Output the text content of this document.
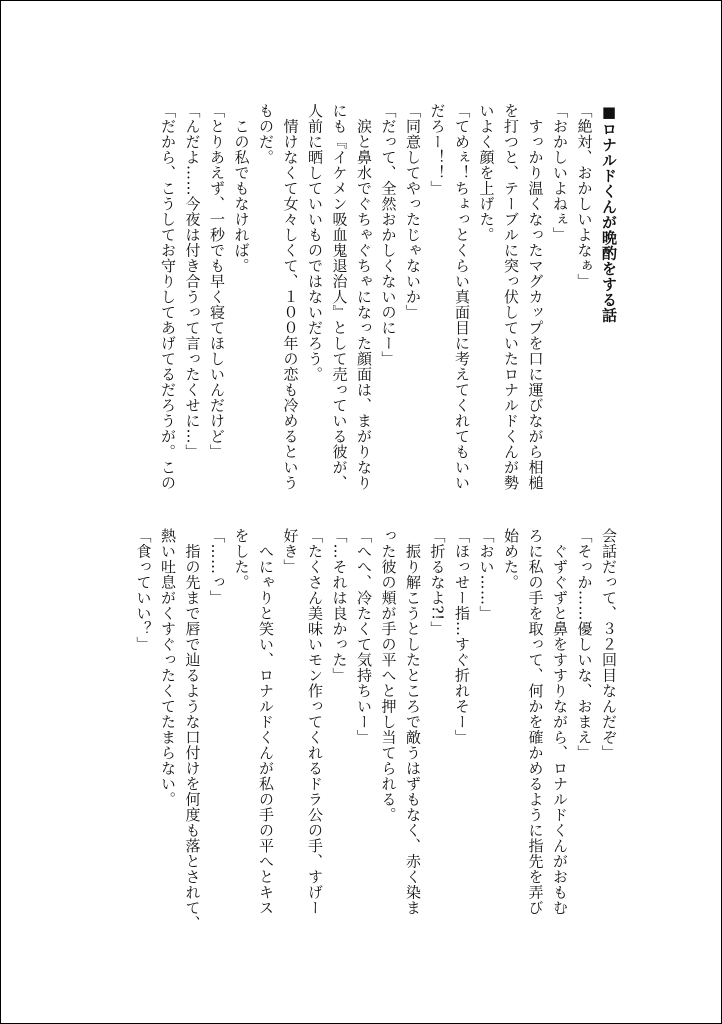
■ロナルドくんが晩酌をする話
「絶対、おかしいよなぁ」
「おかしいよねぇ」
　すっかり温くなったマグカップを口に運びながら相槌
を打つと、テーブルに突っ伏していたロナルドくんが勢
いよく顔を上げた。
「てめぇ！ちょっとくらい真面目に考えてくれてもいい
だろー！！」
「同意してやったじゃないか」
「だって、全然おかしくないのにー」
　涙と鼻水でぐちゃぐちゃになった顔面は、まがりなり
にも『イケメン吸血鬼退治人』として売っている彼が、
人前に晒していいものではないだろう。
　情けなくて女々しくて、１００年の恋も冷めるという
ものだ。
　この私でもなければ。
「とりあえず、一秒でも早く寝てほしいんだけど」
「んだよ……今夜は付き合うって言ったくせに…」
「だから、こうしてお守りしてあげてるだろうが。この
会話だって、３２回目なんだぞ」
「そっか……優しいな、おまえ」
　ぐずぐずと鼻をすすりながら、ロナルドくんがおもむ
ろに私の手を取って、何かを確かめるように指先を弄び
始めた。
「おい……」
「ほっせー指…すぐ折れそー」
「折るなよ?!」
　振り解こうとしたところで敵うはずもなく、赤く染ま
った彼の頬が手の平へと押し当てられる。
「へへ、冷たくて気持ちいー」
「…それは良かった」
「たくさん美味いモン作ってくれるドラ公の手、すげー
好き」
　へにゃりと笑い、ロナルドくんが私の手の平へとキス
をした。
「……っ」
　指の先まで唇で辿るような口付けを何度も落とされて、
熱い吐息がくすぐったくてたまらない。
「食っていい？」
